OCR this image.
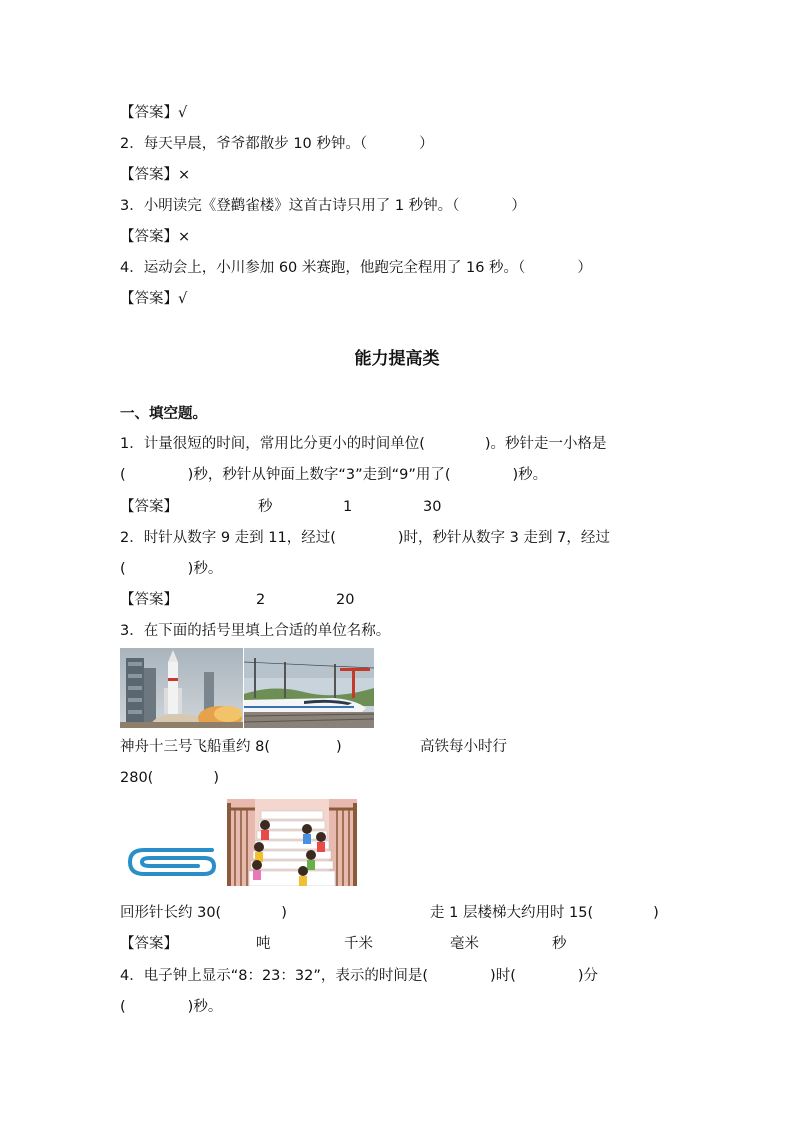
【答案】√
2．每天早晨，爷爷都散步 10 秒钟。（	）
【答案】×
3．小明读完《登鹳雀楼》这首古诗只用了 1 秒钟。（	）
【答案】×
4．运动会上，小川参加 60 米赛跑，他跑完全程用了 16 秒。（	）
【答案】√
能力提高类
一、填空题。
1．计量很短的时间，常用比分更小的时间单位(	)。秒针走一小格是
(	)秒，秒针从钟面上数字“3”走到“9”用了(	)秒。
【答案】	秒	1	30
2．时针从数字 9 走到 11，经过(	)时，秒针从数字 3 走到 7，经过
(	)秒。
【答案】	2	20
3．在下面的括号里填上合适的单位名称。
神舟十三号飞船重约 8(	)	高铁每小时行
280(	)
回形针长约 30(	)	走 1 层楼梯大约用时 15(	)
【答案】	吨	千米	毫米	秒
4．电子钟上显示“8：23：32”，表示的时间是(	)时(	)分
(	)秒。
